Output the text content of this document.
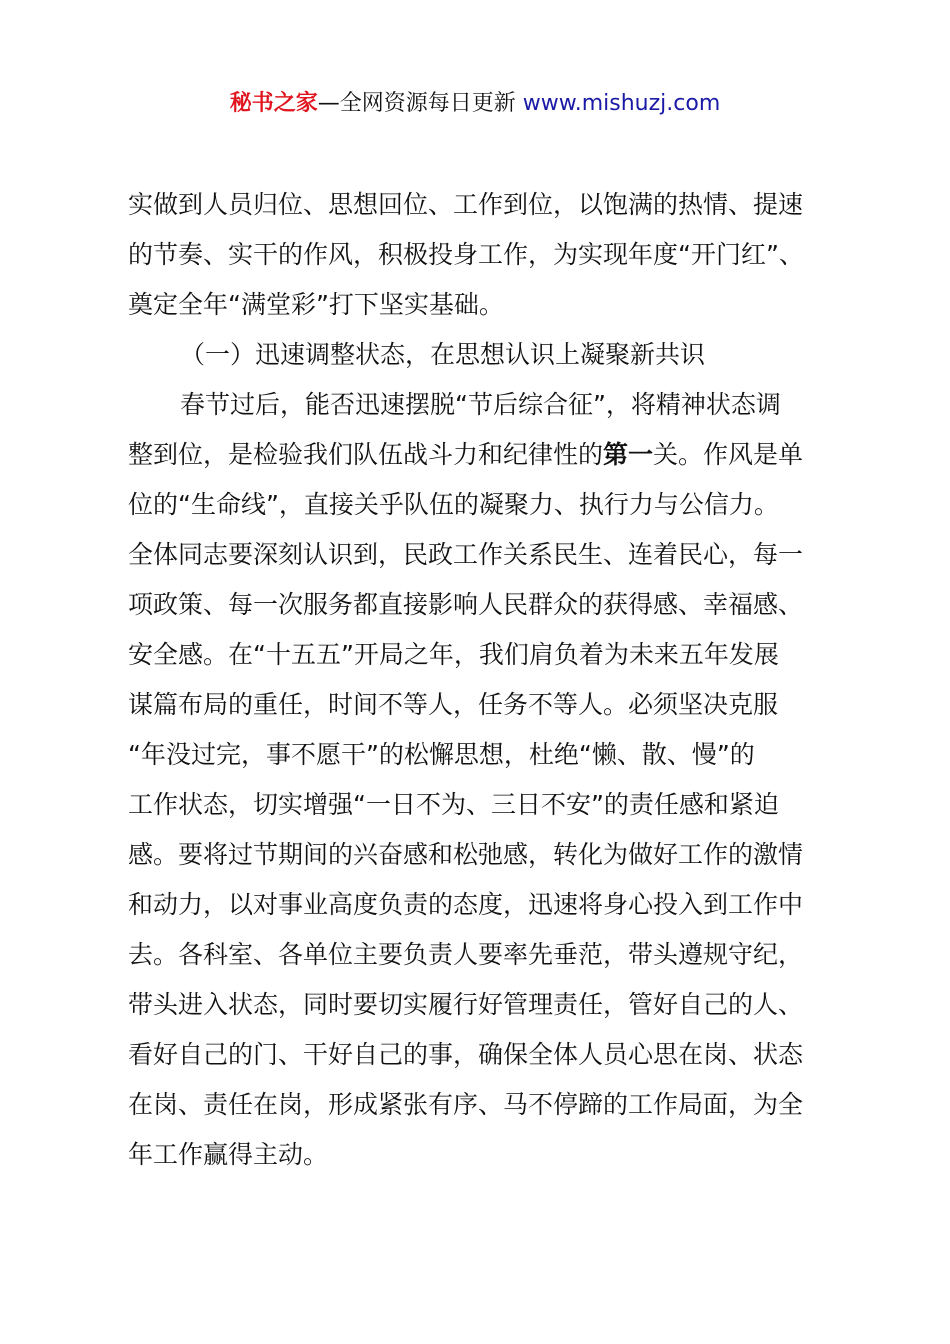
秘书之家—全网资源每日更新 www.mishuzj.com
实做到人员归位、思想回位、工作到位，以饱满的热情、提速
的节奏、实干的作风，积极投身工作，为实现年度“开门红”、
奠定全年“满堂彩”打下坚实基础。
（一）迅速调整状态，在思想认识上凝聚新共识
春节过后，能否迅速摆脱“节后综合征”，将精神状态调
整到位，是检验我们队伍战斗力和纪律性的第一关。作风是单
位的“生命线”，直接关乎队伍的凝聚力、执行力与公信力。
全体同志要深刻认识到，民政工作关系民生、连着民心，每一
项政策、每一次服务都直接影响人民群众的获得感、幸福感、
安全感。在“十五五”开局之年，我们肩负着为未来五年发展
谋篇布局的重任，时间不等人，任务不等人。必须坚决克服
“年没过完，事不愿干”的松懈思想，杜绝“懒、散、慢”的
工作状态，切实增强“一日不为、三日不安”的责任感和紧迫
感。要将过节期间的兴奋感和松弛感，转化为做好工作的激情
和动力，以对事业高度负责的态度，迅速将身心投入到工作中
去。各科室、各单位主要负责人要率先垂范，带头遵规守纪，
带头进入状态，同时要切实履行好管理责任，管好自己的人、
看好自己的门、干好自己的事，确保全体人员心思在岗、状态
在岗、责任在岗，形成紧张有序、马不停蹄的工作局面，为全
年工作赢得主动。
